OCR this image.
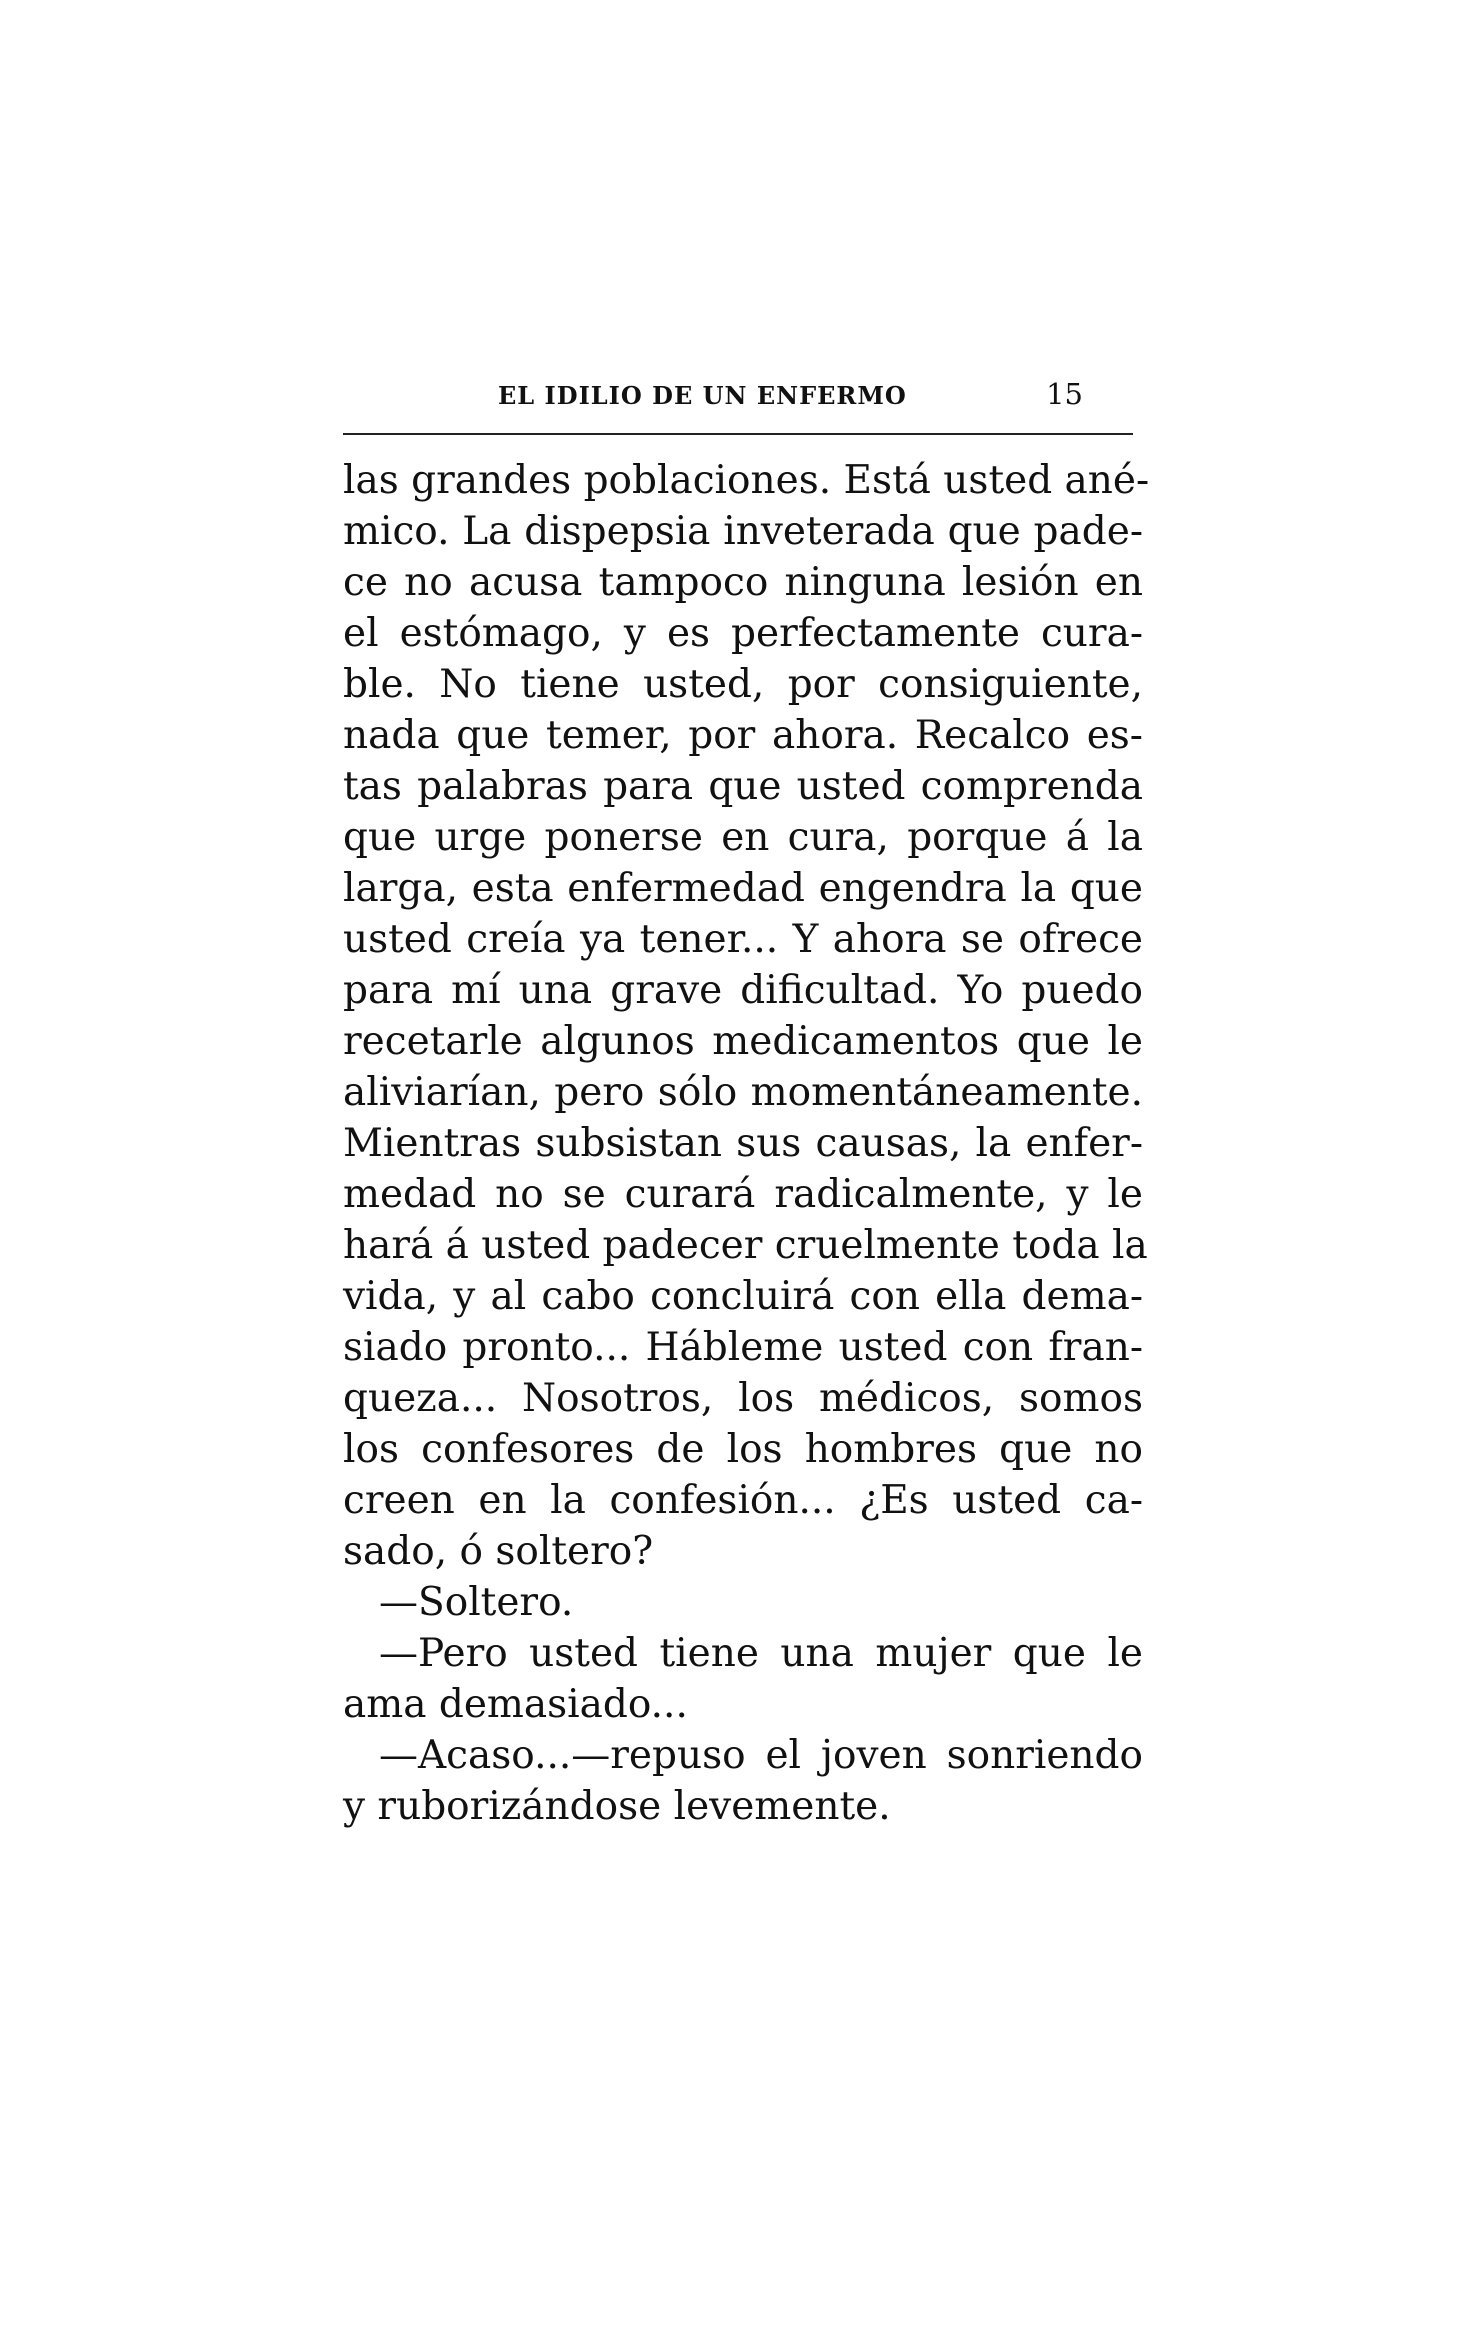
EL IDILIO DE UN ENFERMO	15
las grandes poblaciones. Está usted ané-
mico. La dispepsia inveterada que pade-
ce no acusa tampoco ninguna lesión en
el estómago, y es perfectamente cura-
ble. No tiene usted, por consiguiente,
nada que temer, por ahora. Recalco es-
tas palabras para que usted comprenda
que urge ponerse en cura, porque á la
larga, esta enfermedad engendra la que
usted creía ya tener... Y ahora se ofrece
para mí una grave dificultad. Yo puedo
recetarle algunos medicamentos que le
aliviarían, pero sólo momentáneamente.
Mientras subsistan sus causas, la enfer-
medad no se curará radicalmente, y le
hará á usted padecer cruelmente toda la
vida, y al cabo concluirá con ella dema-
siado pronto... Hábleme usted con fran-
queza... Nosotros, los médicos, somos
los confesores de los hombres que no
creen en la confesión... ¿Es usted ca-
sado, ó soltero?
—Soltero.
—Pero usted tiene una mujer que le
ama demasiado...
—Acaso...—repuso el joven sonriendo
y ruborizándose levemente.
